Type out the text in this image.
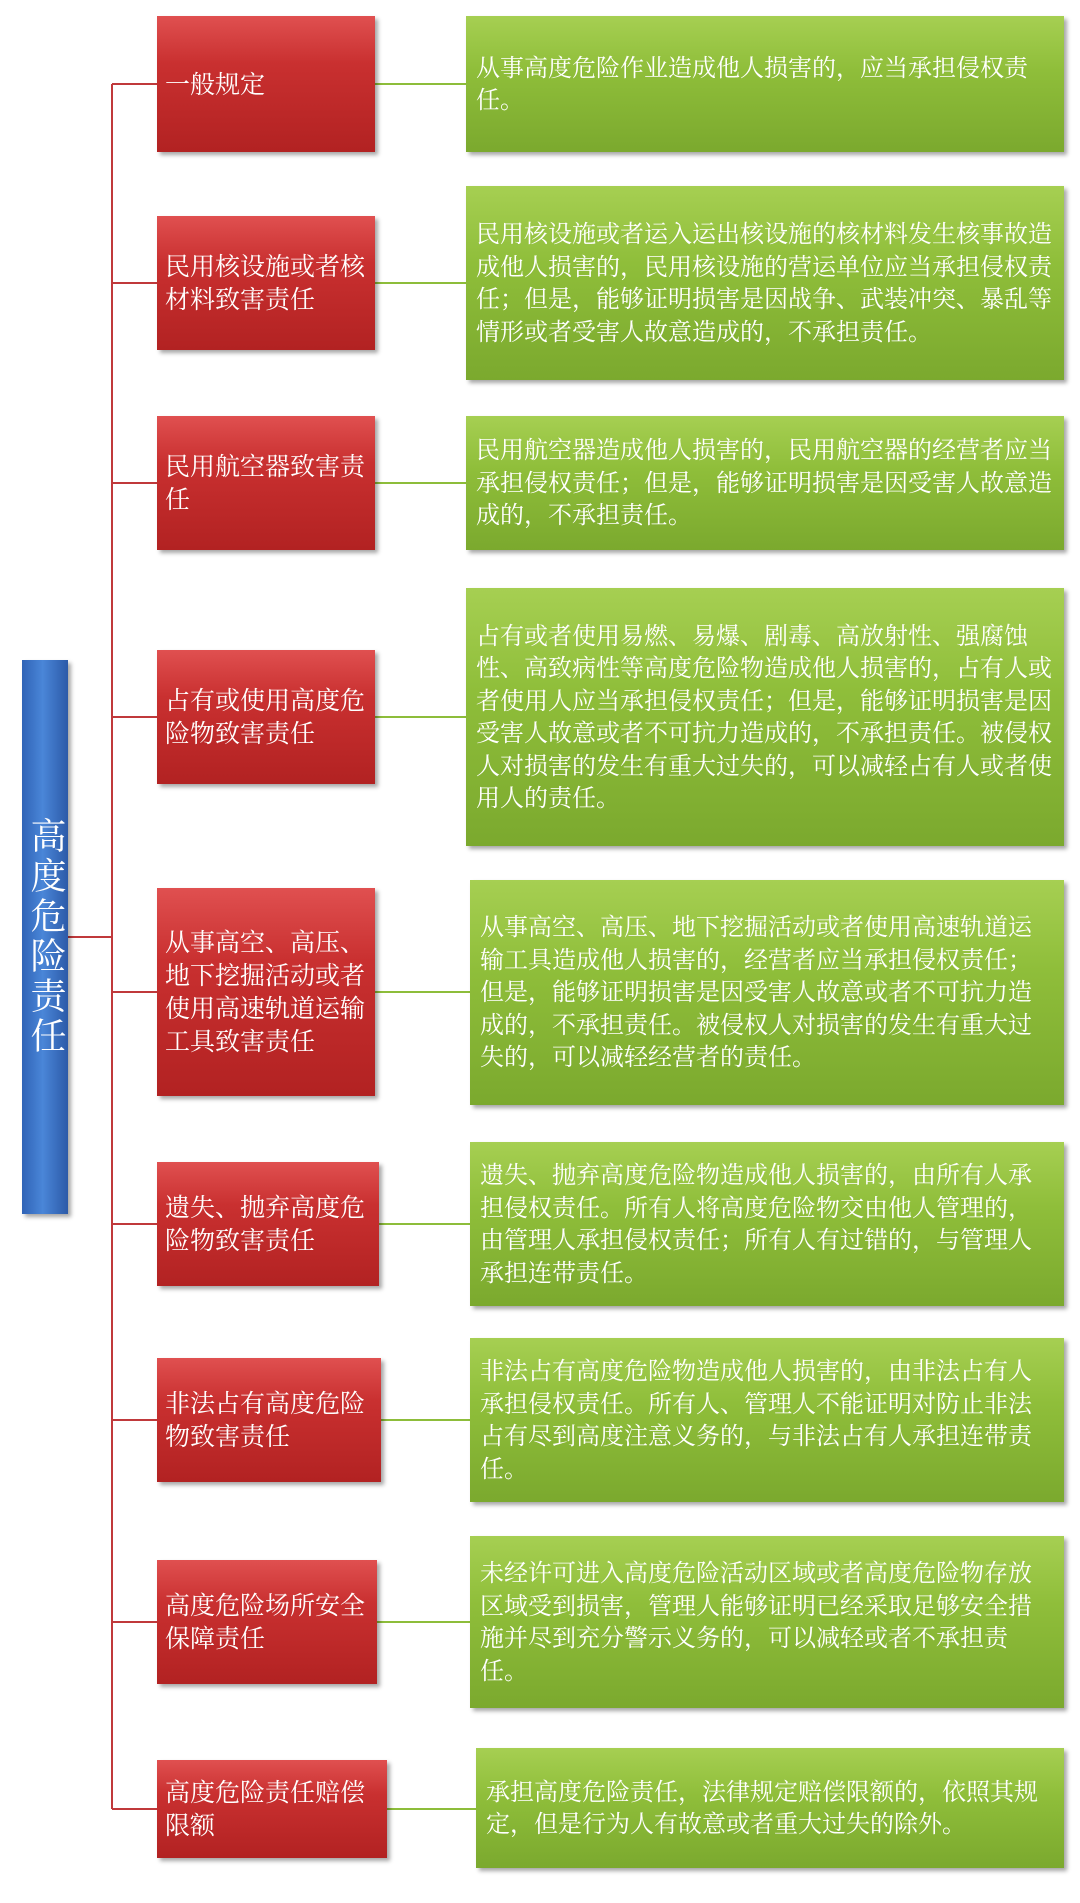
高度危险责任
一般规定
从事高度危险作业造成他人损害的，应当承担侵权责任。
民用核设施或者核材料致害责任
民用核设施或者运入运出核设施的核材料发生核事故造成他人损害的，民用核设施的营运单位应当承担侵权责任；但是，能够证明损害是因战争、武装冲突、暴乱等情形或者受害人故意造成的，不承担责任。
民用航空器致害责任
民用航空器造成他人损害的，民用航空器的经营者应当承担侵权责任；但是，能够证明损害是因受害人故意造成的，不承担责任。
占有或使用高度危险物致害责任
占有或者使用易燃、易爆、剧毒、高放射性、强腐蚀性、高致病性等高度危险物造成他人损害的，占有人或者使用人应当承担侵权责任；但是，能够证明损害是因受害人故意或者不可抗力造成的，不承担责任。被侵权人对损害的发生有重大过失的，可以减轻占有人或者使用人的责任。
从事高空、高压、地下挖掘活动或者使用高速轨道运输工具致害责任
从事高空、高压、地下挖掘活动或者使用高速轨道运输工具造成他人损害的，经营者应当承担侵权责任；但是，能够证明损害是因受害人故意或者不可抗力造成的，不承担责任。被侵权人对损害的发生有重大过失的，可以减轻经营者的责任。
遗失、抛弃高度危险物致害责任
遗失、抛弃高度危险物造成他人损害的，由所有人承担侵权责任。所有人将高度危险物交由他人管理的，由管理人承担侵权责任；所有人有过错的，与管理人承担连带责任。
非法占有高度危险物致害责任
非法占有高度危险物造成他人损害的，由非法占有人承担侵权责任。所有人、管理人不能证明对防止非法占有尽到高度注意义务的，与非法占有人承担连带责任。
高度危险场所安全保障责任
未经许可进入高度危险活动区域或者高度危险物存放区域受到损害，管理人能够证明已经采取足够安全措施并尽到充分警示义务的，可以减轻或者不承担责任。
高度危险责任赔偿限额
承担高度危险责任，法律规定赔偿限额的，依照其规定，但是行为人有故意或者重大过失的除外。
